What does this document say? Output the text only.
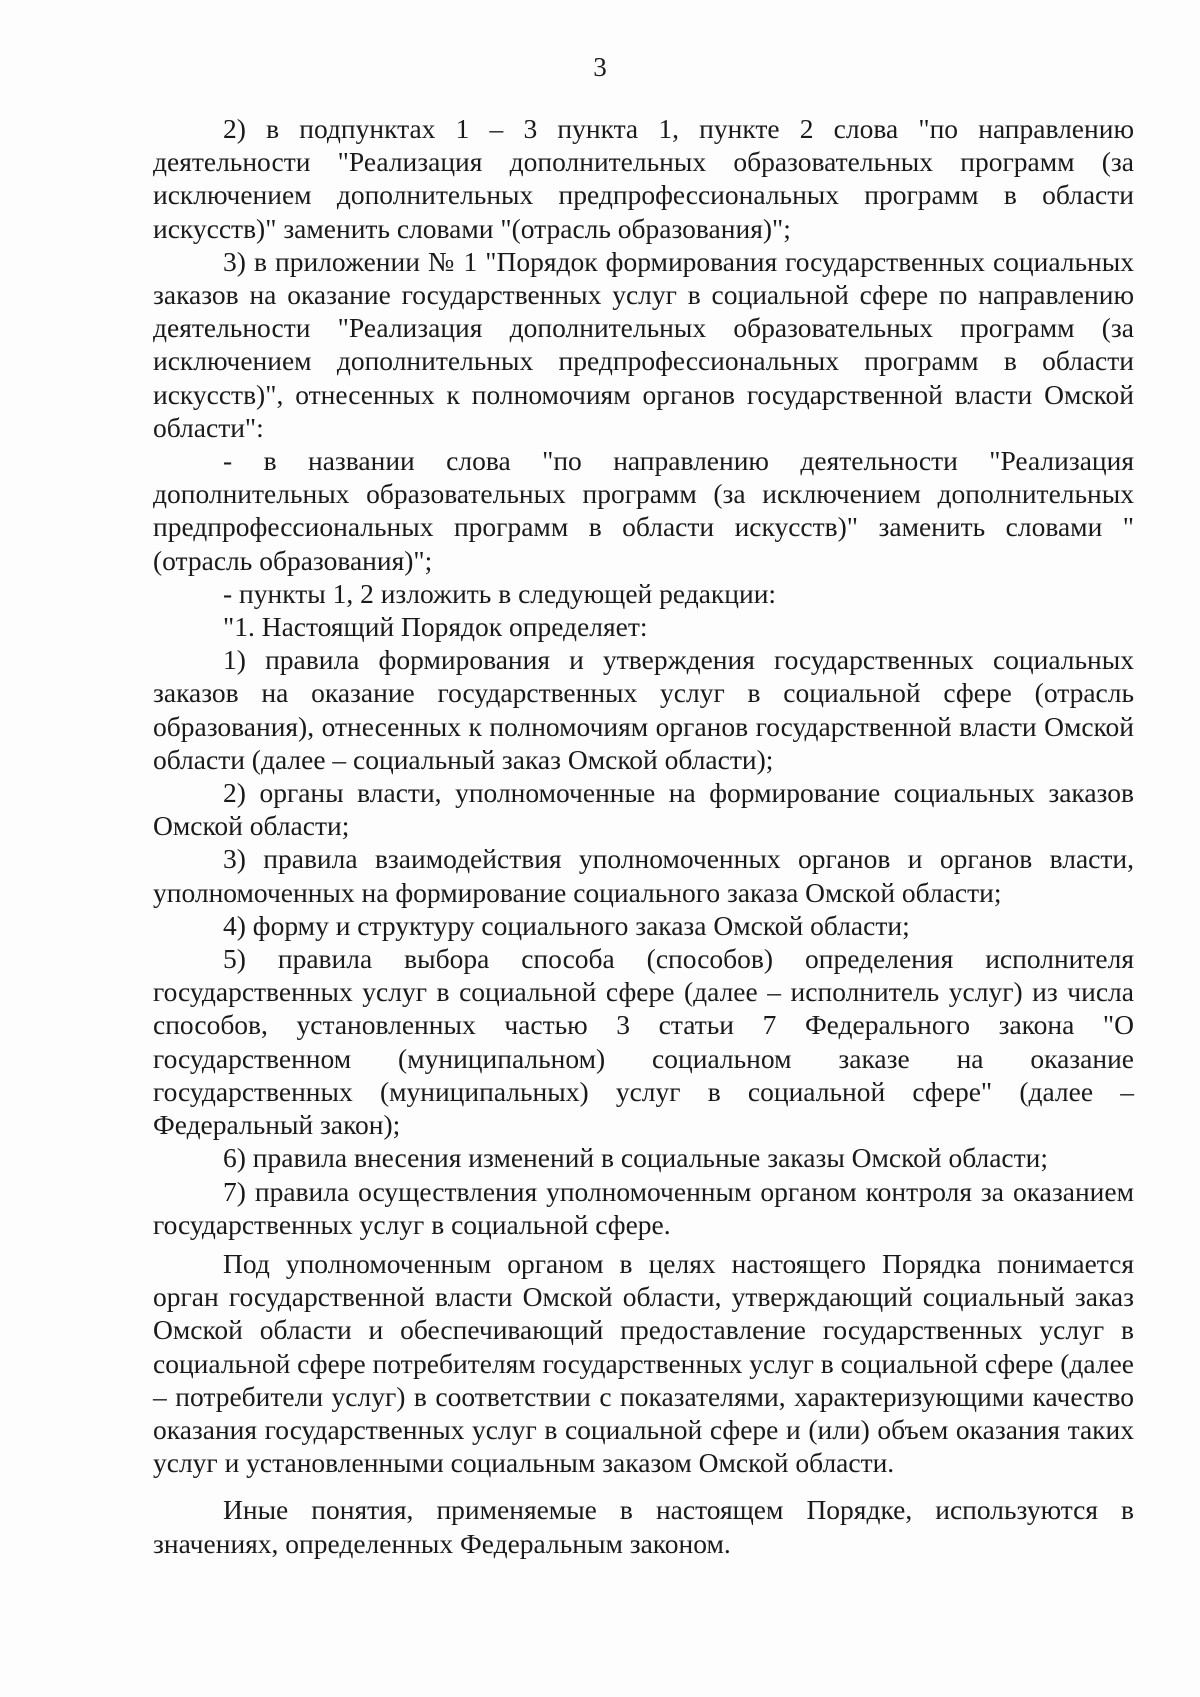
3

2) в подпунктах 1 – 3 пункта 1, пункте 2 слова "по направлению деятельности "Реализация дополнительных образовательных программ (за исключением дополнительных предпрофессиональных программ в области искусств)" заменить словами "(отрасль образования)";

3) в приложении № 1 "Порядок формирования государственных социальных заказов на оказание государственных услуг в социальной сфере по направлению деятельности "Реализация дополнительных образовательных программ (за исключением дополнительных предпрофессиональных программ в области искусств)", отнесенных к полномочиям органов государственной власти Омской области":

- в названии слова "по направлению деятельности "Реализация дополнительных образовательных программ (за исключением дополнительных предпрофессиональных программ в области искусств)" заменить словами "(отрасль образования)";

- пункты 1, 2 изложить в следующей редакции:

"1. Настоящий Порядок определяет:

1) правила формирования и утверждения государственных социальных заказов на оказание государственных услуг в социальной сфере (отрасль образования), отнесенных к полномочиям органов государственной власти Омской области (далее – социальный заказ Омской области);

2) органы власти, уполномоченные на формирование социальных заказов Омской области;

3) правила взаимодействия уполномоченных органов и органов власти, уполномоченных на формирование социального заказа Омской области;

4) форму и структуру социального заказа Омской области;

5) правила выбора способа (способов) определения исполнителя государственных услуг в социальной сфере (далее – исполнитель услуг) из числа способов, установленных частью 3 статьи 7 Федерального закона "О государственном (муниципальном) социальном заказе на оказание государственных (муниципальных) услуг в социальной сфере" (далее – Федеральный закон);

6) правила внесения изменений в социальные заказы Омской области;

7) правила осуществления уполномоченным органом контроля за оказанием государственных услуг в социальной сфере.

Под уполномоченным органом в целях настоящего Порядка понимается орган государственной власти Омской области, утверждающий социальный заказ Омской области и обеспечивающий предоставление государственных услуг в социальной сфере потребителям государственных услуг в социальной сфере (далее – потребители услуг) в соответствии с показателями, характеризующими качество оказания государственных услуг в социальной сфере и (или) объем оказания таких услуг и установленными социальным заказом Омской области.

Иные понятия, применяемые в настоящем Порядке, используются в значениях, определенных Федеральным законом.
